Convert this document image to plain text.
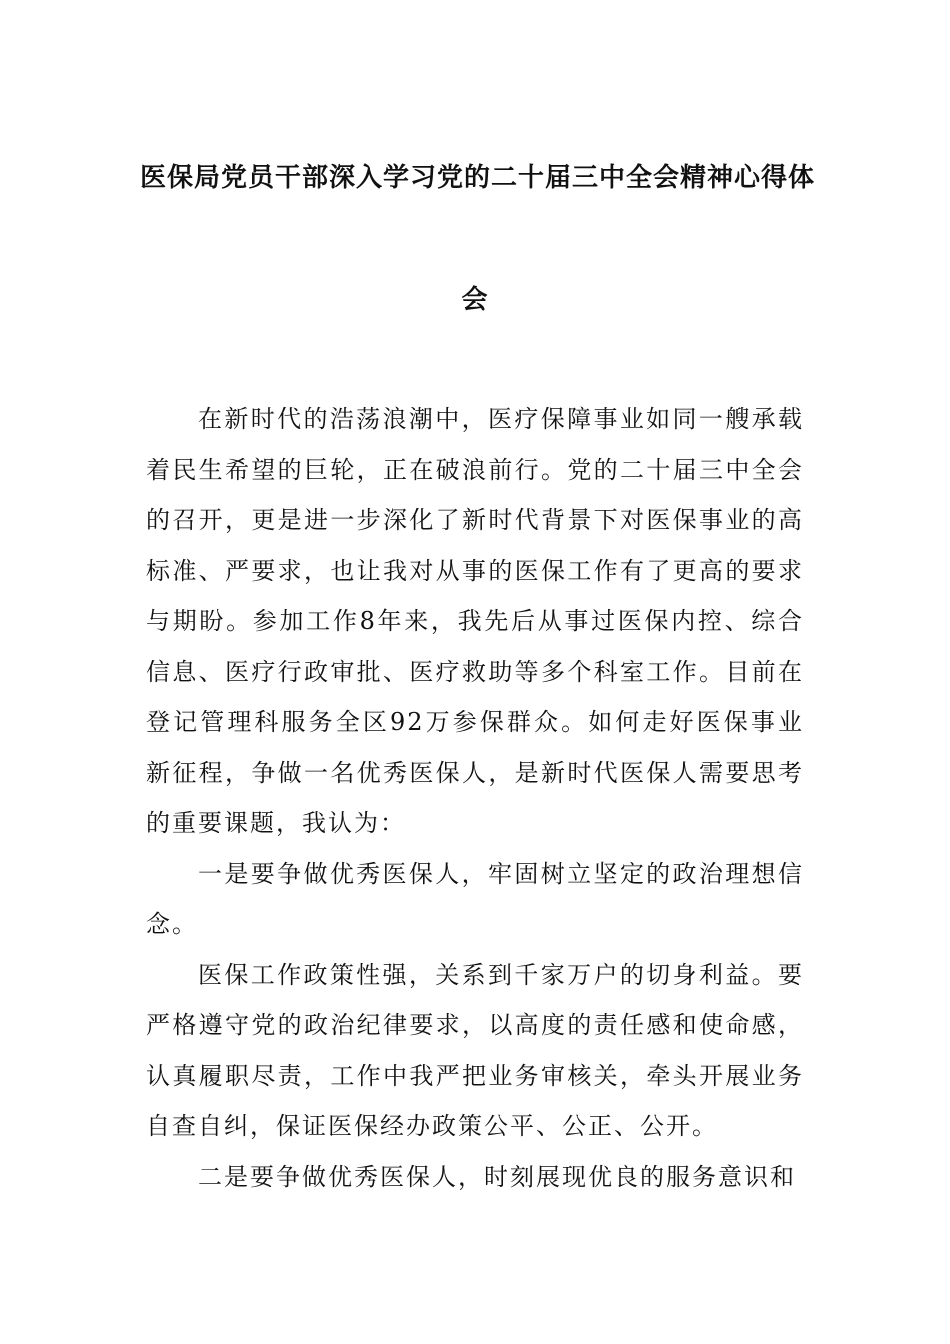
医保局党员干部深入学习党的二十届三中全会精神心得体
会

在新时代的浩荡浪潮中，医疗保障事业如同一艘承载着民生希望的巨轮，正在破浪前行。党的二十届三中全会的召开，更是进一步深化了新时代背景下对医保事业的高标准、严要求，也让我对从事的医保工作有了更高的要求与期盼。参加工作8年来，我先后从事过医保内控、综合信息、医疗行政审批、医疗救助等多个科室工作。目前在登记管理科服务全区92万参保群众。如何走好医保事业新征程，争做一名优秀医保人，是新时代医保人需要思考的重要课题，我认为：

一是要争做优秀医保人，牢固树立坚定的政治理想信念。

医保工作政策性强，关系到千家万户的切身利益。要严格遵守党的政治纪律要求，以高度的责任感和使命感，认真履职尽责，工作中我严把业务审核关，牵头开展业务自查自纠，保证医保经办政策公平、公正、公开。

二是要争做优秀医保人，时刻展现优良的服务意识和
